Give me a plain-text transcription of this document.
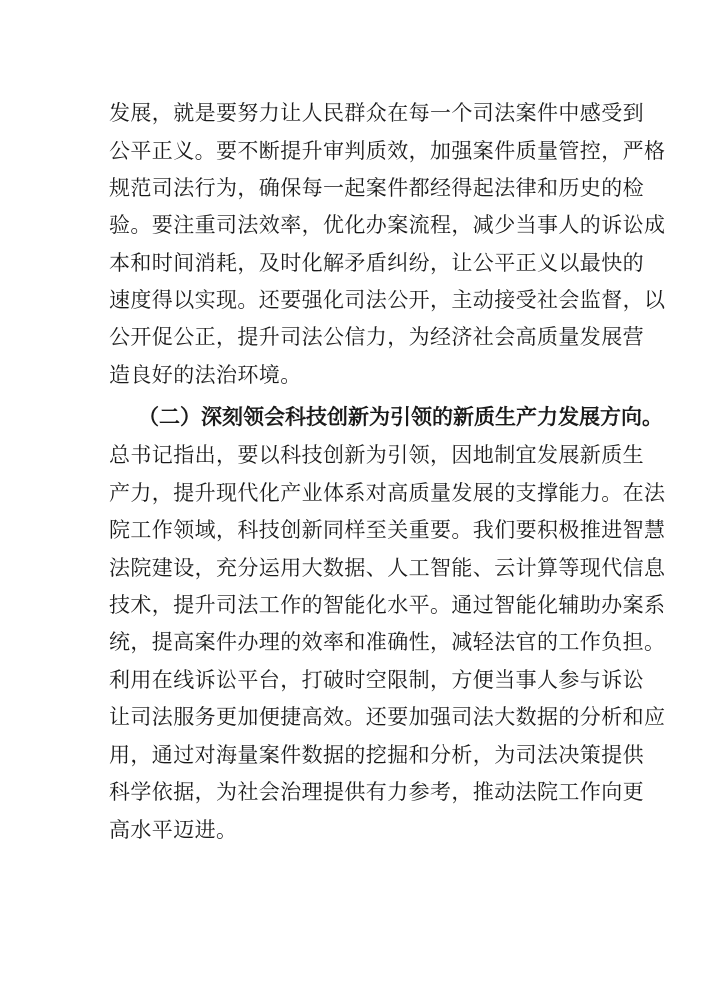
发展，就是要努力让人民群众在每一个司法案件中感受到
公平正义。要不断提升审判质效，加强案件质量管控，严格
规范司法行为，确保每一起案件都经得起法律和历史的检
验。要注重司法效率，优化办案流程，减少当事人的诉讼成
本和时间消耗，及时化解矛盾纠纷，让公平正义以最快的
速度得以实现。还要强化司法公开，主动接受社会监督，以
公开促公正，提升司法公信力，为经济社会高质量发展营
造良好的法治环境。
（二）深刻领会科技创新为引领的新质生产力发展方向。
总书记指出，要以科技创新为引领，因地制宜发展新质生
产力，提升现代化产业体系对高质量发展的支撑能力。在法
院工作领域，科技创新同样至关重要。我们要积极推进智慧
法院建设，充分运用大数据、人工智能、云计算等现代信息
技术，提升司法工作的智能化水平。通过智能化辅助办案系
统，提高案件办理的效率和准确性，减轻法官的工作负担。
利用在线诉讼平台，打破时空限制，方便当事人参与诉讼
让司法服务更加便捷高效。还要加强司法大数据的分析和应
用，通过对海量案件数据的挖掘和分析，为司法决策提供
科学依据，为社会治理提供有力参考，推动法院工作向更
高水平迈进。
